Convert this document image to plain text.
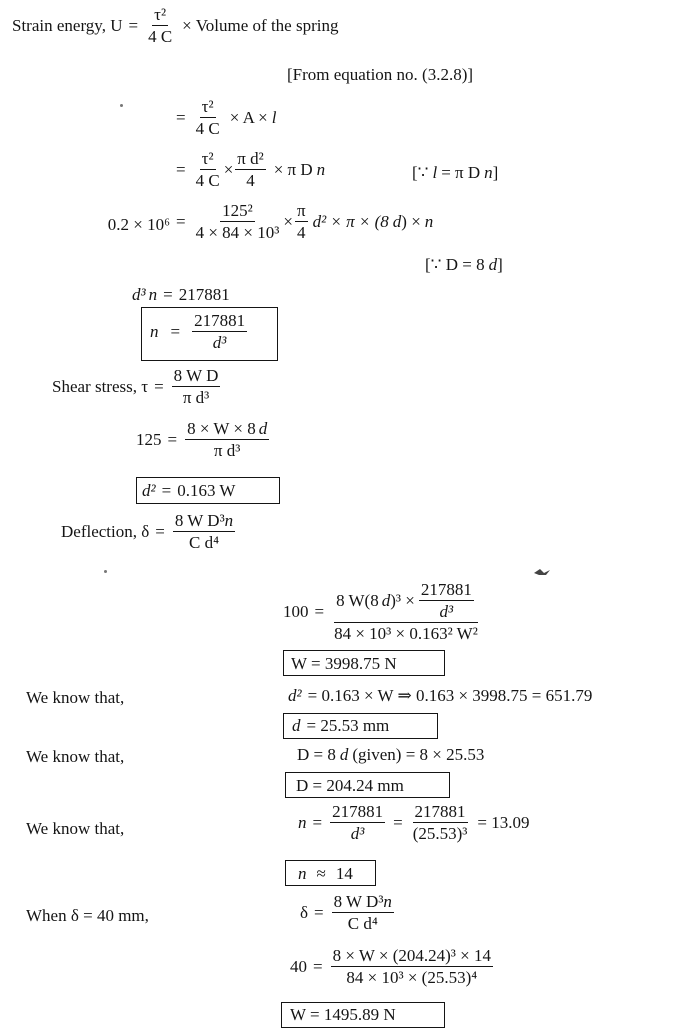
Strain energy, $U = \frac{\text{τ²}}{4 C}$ × Volume of the spring
[From equation no. (3.2.8)]
= $\frac{\text{τ²}}{4 C} \times A \times l$
= $\frac{\text{τ²}}{4 C} \times \frac{\text{π d²}}{4} \times \pi$ D n	[∵ l = π D n ]
$0.2 \times 10^6 = \frac{\text{125²}}{\text{4 × 84 × 10³}} \times \frac{\pi}{4} d^2 \times \pi \times (8$ d ) × n
[∵ D = 8 d ]
d³ n = 217881
$n = \frac{217881}{\text{d³}}$
Shear stress, $\tau = \frac{\text{8 W D}}{\text{π d³}}$
$125 = \frac{8 \times W \times 8 d}{\text{π d³}}$
d² = 0.163 W
Deflection, $\delta = \frac{\text{8 W D³n}}{\text{C d⁴}}$
$100 = \frac{8 W(8 d )^3 \times \frac{217881}{\text{d³}}}{\text{84 × 10³ × 0.163² W²}}$
W = 3998.75 N
We know that,	d² = 0.163 × W ⇒ 0.163 × 3998.75 = 651.79
d = 25.53 mm
We know that,	D = 8 d (given) = 8 × 25.53
D = 204.24 mm
We know that,	$n = \frac{217881}{\text{d³}} = \frac{217881}{\text{(25.53)³}} = 13.09$
n ≈ 14
When δ = 40 mm,	$\delta = \frac{\text{8 W D³n}}{\text{C d⁴}}$
$40 = \frac{\text{8 × W × (204.24)³ × 14}}{\text{84 × 10³ × (25.53)⁴}}$
W = 1495.89 N
